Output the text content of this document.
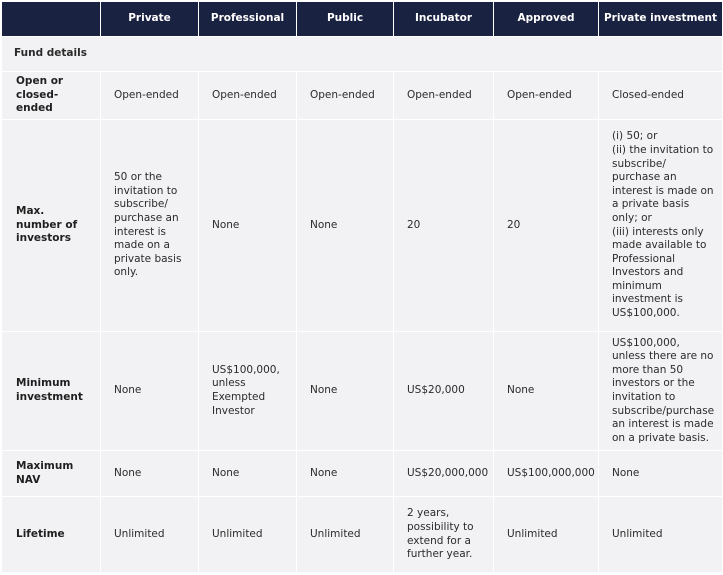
	Private	Professional	Public	Incubator	Approved	Private investment
Fund details						
Open or closed-ended	Open-ended	Open-ended	Open-ended	Open-ended	Open-ended	Closed-ended
Max. number of investors	50 or the invitation to subscribe/ purchase an interest is made on a private basis only.	None	None	20	20	(i) 50; or
(ii) the invitation to subscribe/ purchase an interest is made on a private basis only; or
(iii) interests only made available to Professional Investors and minimum investment is US$100,000.
Minimum investment	None	US$100,000, unless Exempted Investor	None	US$20,000	None	US$100,000, unless there are no more than 50 investors or the invitation to subscribe/purchase an interest is made on a private basis.
Maximum NAV	None	None	None	US$20,000,000	US$100,000,000	None
Lifetime	Unlimited	Unlimited	Unlimited	2 years, possibility to extend for a further year.	Unlimited	Unlimited
